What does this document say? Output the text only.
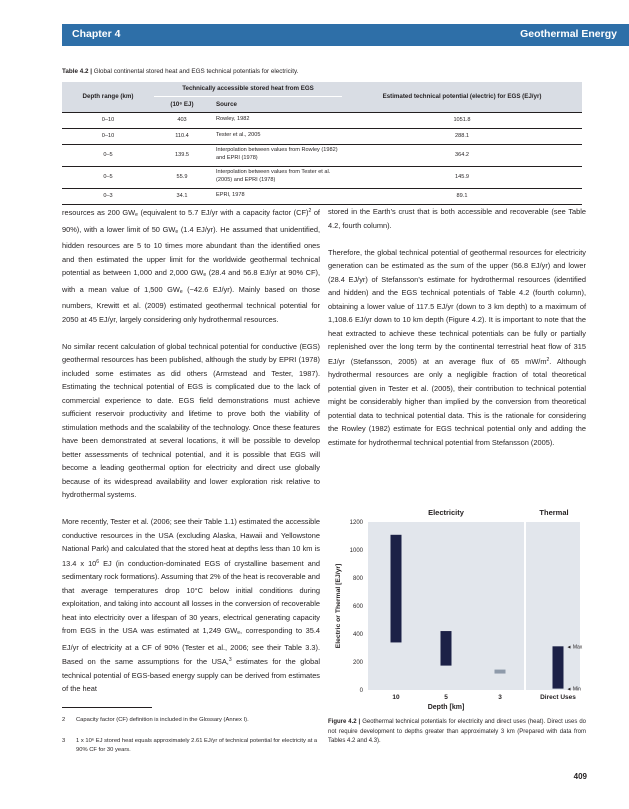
Chapter 4	Geothermal Energy
Table 4.2 | Global continental stored heat and EGS technical potentials for electricity.
Depth range (km)	Technically accessible stored heat from EGS		Estimated technical potential (electric) for EGS (EJ/yr)
	(10⁶ EJ)	Source	
0–10	403	Rowley, 1982	1051.8
0–10	110.4	Tester et al., 2005	288.1
0–5	139.5	Interpolation between values from Rowley (1982) and EPRI (1978)	364.2
0–5	55.9	Interpolation between values from Tester et al. (2005) and EPRI (1978)	145.9
0–3	34.1	EPRI, 1978	89.1

resources as 200 $GW_e$ (equivalent to 5.7 EJ/yr with a capacity factor (CF)$^2$ of 90%), with a lower limit of 50 $GW_e$ (1.4 EJ/yr). He assumed that unidentified, hidden resources are 5 to 10 times more abundant than the identified ones and then estimated the upper limit for the worldwide geothermal technical potential as between 1,000 and 2,000 $GW_e$ (28.4 and 56.8 EJ/yr at 90% CF), with a mean value of 1,500 $GW_e$ (~42.6 EJ/yr). Mainly based on those numbers, Krewitt et al. (2009) estimated geothermal technical potential for 2050 at 45 EJ/yr, largely considering only hydrothermal resources.

No similar recent calculation of global technical potential for conductive (EGS) geothermal resources has been published, although the study by EPRI (1978) included some estimates as did others (Armstead and Tester, 1987). Estimating the technical potential of EGS is complicated due to the lack of commercial experience to date. EGS field demonstrations must achieve sufficient reservoir productivity and lifetime to prove both the viability of stimulation methods and the scalability of the technology. Once these features have been demonstrated at several locations, it will be possible to develop better assessments of technical potential, and it is possible that EGS will become a leading geothermal option for electricity and direct use globally because of its widespread availability and lower exploration risk relative to hydrothermal systems.

More recently, Tester et al. (2006; see their Table 1.1) estimated the accessible conductive resources in the USA (excluding Alaska, Hawaii and Yellowstone National Park) and calculated that the stored heat at depths less than 10 km is 13.4 x $10^6$ EJ (in conduction-dominated EGS of crystalline basement and sedimentary rock formations). Assuming that 2% of the heat is recoverable and that average temperatures drop 10°C below initial conditions during exploitation, and taking into account all losses in the conversion of recoverable heat into electricity over a lifespan of 30 years, electrical generating capacity from EGS in the USA was estimated at 1,249 $GW_e$, corresponding to 35.4 EJ/yr of electricity at a CF of 90% (Tester et al., 2006; see their Table 3.3). Based on the same assumptions for the USA,$^3$ estimates for the global technical potential of EGS-based energy supply can be derived from estimates of the heat

stored in the Earth’s crust that is both accessible and recoverable (see Table 4.2, fourth column).

Therefore, the global technical potential of geothermal resources for electricity generation can be estimated as the sum of the upper (56.8 EJ/yr) and lower (28.4 EJ/yr) of Stefansson’s estimate for hydrothermal resources (identified and hidden) and the EGS technical potentials of Table 4.2 (fourth column), obtaining a lower value of 117.5 EJ/yr (down to 3 km depth) to a maximum of 1,108.6 EJ/yr down to 10 km depth (Figure 4.2). It is important to note that the heat extracted to achieve these technical potentials can be fully or partially replenished over the long term by the continental terrestrial heat flow of 315 EJ/yr (Stefansson, 2005) at an average flux of 65 $mW/m^2$. Although hydrothermal resources are only a negligible fraction of total theoretical potential given in Tester et al. (2005), their contribution to technical potential might be considerably higher than implied by the conversion from theoretical potential data to technical potential data. This is the rationale for considering the Rowley (1982) estimate for EGS technical potential only and adding the estimate for hydrothermal technical potential from Stefansson (2005).

Electricity	Thermal
0
200
400
600
800
1000
1200
Electric or Thermal [EJ/yr]
10	5	3	Direct Uses
◄ Max
◄ Min
Depth [km]
Figure 4.2 | Geothermal technical potentials for electricity and direct uses (heat). Direct uses do not require development to depths greater than approximately 3 km (Prepared with data from Tables 4.2 and 4.3).
2	Capacity factor (CF) definition is included in the Glossary (Annex I).
3	1 x 10⁶ EJ stored heat equals approximately 2.61 EJ/yr of technical potential for electricity at a 90% CF for 30 years.
409
